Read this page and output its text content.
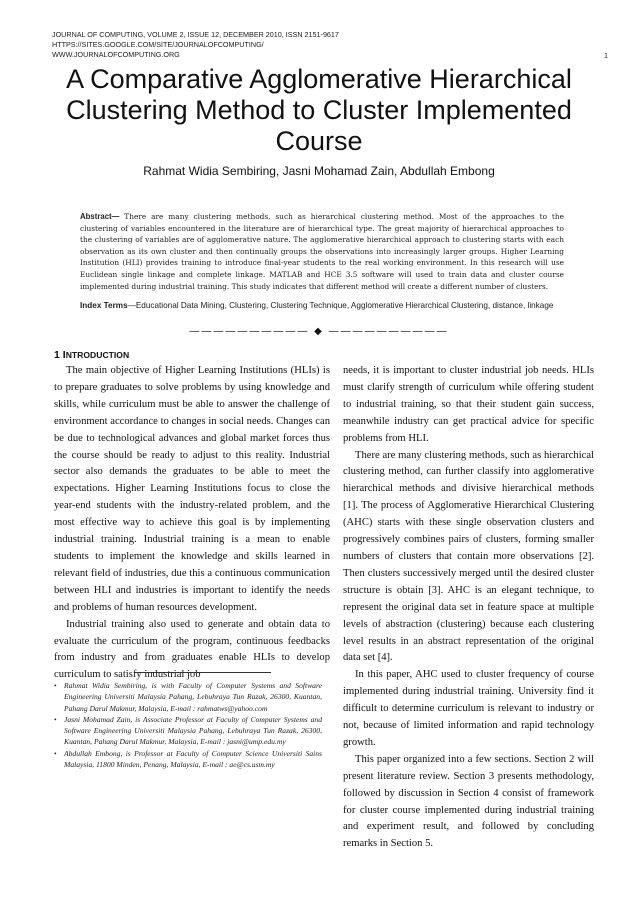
JOURNAL OF COMPUTING, VOLUME 2, ISSUE 12, DECEMBER 2010, ISSN 2151-9617
HTTPS://SITES.GOOGLE.COM/SITE/JOURNALOFCOMPUTING/
WWW.JOURNALOFCOMPUTING.ORG	1
A Comparative Agglomerative Hierarchical Clustering Method to Cluster Implemented Course
Rahmat Widia Sembiring, Jasni Mohamad Zain, Abdullah Embong
Abstract— There are many clustering methods, such as hierarchical clustering method. Most of the approaches to the clustering of variables encountered in the literature are of hierarchical type. The great majority of hierarchical approaches to the clustering of variables are of agglomerative nature. The agglomerative hierarchical approach to clustering starts with each observation as its own cluster and then continually groups the observations into increasingly larger groups. Higher Learning Institution (HLI) provides training to introduce final-year students to the real working environment. In this research will use Euclidean single linkage and complete linkage. MATLAB and HCE 3.5 software will used to train data and cluster course implemented during industrial training. This study indicates that different method will create a different number of clusters.
Index Terms—Educational Data Mining, Clustering, Clustering Technique, Agglomerative Hierarchical Clustering, distance, linkage
—————————— ◆ ——————————
1 INTRODUCTION

The main objective of Higher Learning Institutions (HLIs) is to prepare graduates to solve problems by using knowledge and skills, while curriculum must be able to answer the challenge of environment accordance to changes in social needs. Changes can be due to technological advances and global market forces thus the course should be ready to adjust to this reality. Industrial sector also demands the graduates to be able to meet the expectations. Higher Learning Institutions focus to close the year-end students with the industry-related problem, and the most effective way to achieve this goal is by implementing industrial training. Industrial training is a mean to enable students to implement the knowledge and skills learned in relevant field of industries, due this a continuous communication between HLI and industries is important to identify the needs and problems of human resources development.

Industrial training also used to generate and obtain data to evaluate the curriculum of the program, continuous feedbacks from industry and from graduates enable HLIs to develop curriculum to satisfy industrial job

needs, it is important to cluster industrial job needs. HLIs must clarify strength of curriculum while offering student to industrial training, so that their student gain success, meanwhile industry can get practical advice for specific problems from HLI.

There are many clustering methods, such as hierarchical clustering method, can further classify into agglomerative hierarchical methods and divisive hierarchical methods [1]. The process of Agglomerative Hierarchical Clustering (AHC) starts with these single observation clusters and progressively combines pairs of clusters, forming smaller numbers of clusters that contain more observations [2]. Then clusters successively merged until the desired cluster structure is obtain [3]. AHC is an elegant technique, to represent the original data set in feature space at multiple levels of abstraction (clustering) because each clustering level results in an abstract representation of the original data set [4].

In this paper, AHC used to cluster frequency of course implemented during industrial training. University find it difficult to determine curriculum is relevant to industry or not, because of limited information and rapid technology growth.

This paper organized into a few sections. Section 2 will present literature review. Section 3 presents methodology, followed by discussion in Section 4 consist of framework for cluster course implemented during industrial training and experiment result, and followed by concluding remarks in Section 5.

• Rahmat Widia Sembiring, is with Faculty of Computer Systems and Software Engineering Universiti Malaysia Pahang, Lebuhraya Tun Razak, 26300, Kuantan, Pahang Darul Makmur, Malaysia, E-mail : rahmatws@yahoo.com
• Jasni Mohamad Zain, is Associate Professor at Faculty of Computer Systems and Software Engineering Universiti Malaysia Pahang, Lebuhraya Tun Razak, 26300, Kuantan, Pahang Darul Makmur, Malaysia, E-mail : jasni@ump.edu.my
• Abdullah Embong, is Professor at Faculty of Computer Science Universiti Sains Malaysia, 11800 Minden, Penang, Malaysia, E-mail : ae@cs.usm.my
